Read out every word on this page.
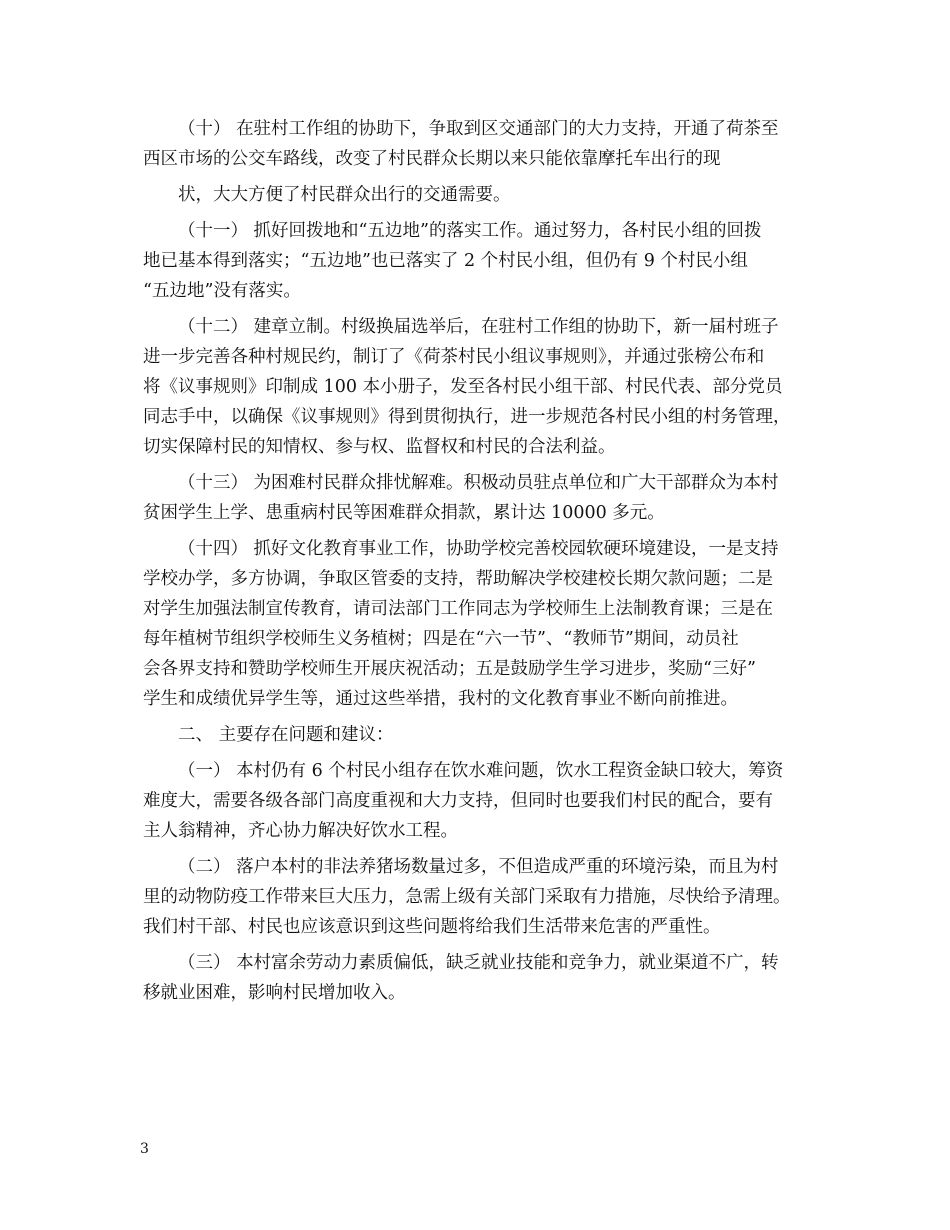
（十） 在驻村工作组的协助下，争取到区交通部门的大力支持，开通了荷茶至
西区市场的公交车路线，改变了村民群众长期以来只能依靠摩托车出行的现
状，大大方便了村民群众出行的交通需要。
（十一） 抓好回拨地和“五边地”的落实工作。通过努力，各村民小组的回拨
地已基本得到落实；“五边地”也已落实了 2 个村民小组，但仍有 9 个村民小组
“五边地”没有落实。
（十二） 建章立制。村级换届选举后，在驻村工作组的协助下，新一届村班子
进一步完善各种村规民约，制订了《荷茶村民小组议事规则》，并通过张榜公布和
将《议事规则》印制成 100 本小册子，发至各村民小组干部、村民代表、部分党员
同志手中，以确保《议事规则》得到贯彻执行，进一步规范各村民小组的村务管理，
切实保障村民的知情权、参与权、监督权和村民的合法利益。
（十三） 为困难村民群众排忧解难。积极动员驻点单位和广大干部群众为本村
贫困学生上学、患重病村民等困难群众捐款，累计达 10000 多元。
（十四） 抓好文化教育事业工作，协助学校完善校园软硬环境建设，一是支持
学校办学，多方协调，争取区管委的支持，帮助解决学校建校长期欠款问题；二是
对学生加强法制宣传教育，请司法部门工作同志为学校师生上法制教育课；三是在
每年植树节组织学校师生义务植树；四是在“六一节”、“教师节”期间，动员社
会各界支持和赞助学校师生开展庆祝活动；五是鼓励学生学习进步，奖励“三好”
学生和成绩优异学生等，通过这些举措，我村的文化教育事业不断向前推进。
二、 主要存在问题和建议：
（一） 本村仍有 6 个村民小组存在饮水难问题，饮水工程资金缺口较大，筹资
难度大，需要各级各部门高度重视和大力支持，但同时也要我们村民的配合，要有
主人翁精神，齐心协力解决好饮水工程。
（二） 落户本村的非法养猪场数量过多，不但造成严重的环境污染，而且为村
里的动物防疫工作带来巨大压力，急需上级有关部门采取有力措施，尽快给予清理。
我们村干部、村民也应该意识到这些问题将给我们生活带来危害的严重性。
（三） 本村富余劳动力素质偏低，缺乏就业技能和竞争力，就业渠道不广，转
移就业困难，影响村民增加收入。
3
